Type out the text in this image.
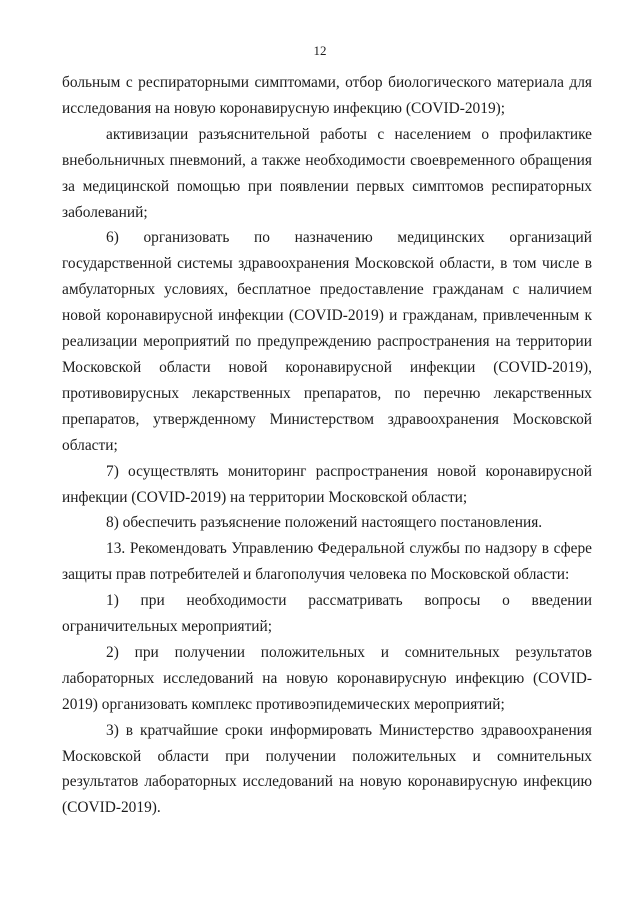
12

больным с респираторными симптомами, отбор биологического материала для исследования на новую коронавирусную инфекцию (COVID-2019);

активизации разъяснительной работы с населением о профилактике внебольничных пневмоний, а также необходимости своевременного обращения за медицинской помощью при появлении первых симптомов респираторных заболеваний;

6) организовать по назначению медицинских организаций государственной системы здравоохранения Московской области, в том числе в амбулаторных условиях, бесплатное предоставление гражданам с наличием новой коронавирусной инфекции (COVID-2019) и гражданам, привлеченным к реализации мероприятий по предупреждению распространения на территории Московской области новой коронавирусной инфекции (COVID-2019), противовирусных лекарственных препаратов, по перечню лекарственных препаратов, утвержденному Министерством здравоохранения Московской области;

7) осуществлять мониторинг распространения новой коронавирусной инфекции (COVID-2019) на территории Московской области;

8) обеспечить разъяснение положений настоящего постановления.

13. Рекомендовать Управлению Федеральной службы по надзору в сфере защиты прав потребителей и благополучия человека по Московской области:

1) при необходимости рассматривать вопросы о введении ограничительных мероприятий;

2) при получении положительных и сомнительных результатов лабораторных исследований на новую коронавирусную инфекцию (COVID-2019) организовать комплекс противоэпидемических мероприятий;

3) в кратчайшие сроки информировать Министерство здравоохранения Московской области при получении положительных и сомнительных результатов лабораторных исследований на новую коронавирусную инфекцию (COVID-2019).
